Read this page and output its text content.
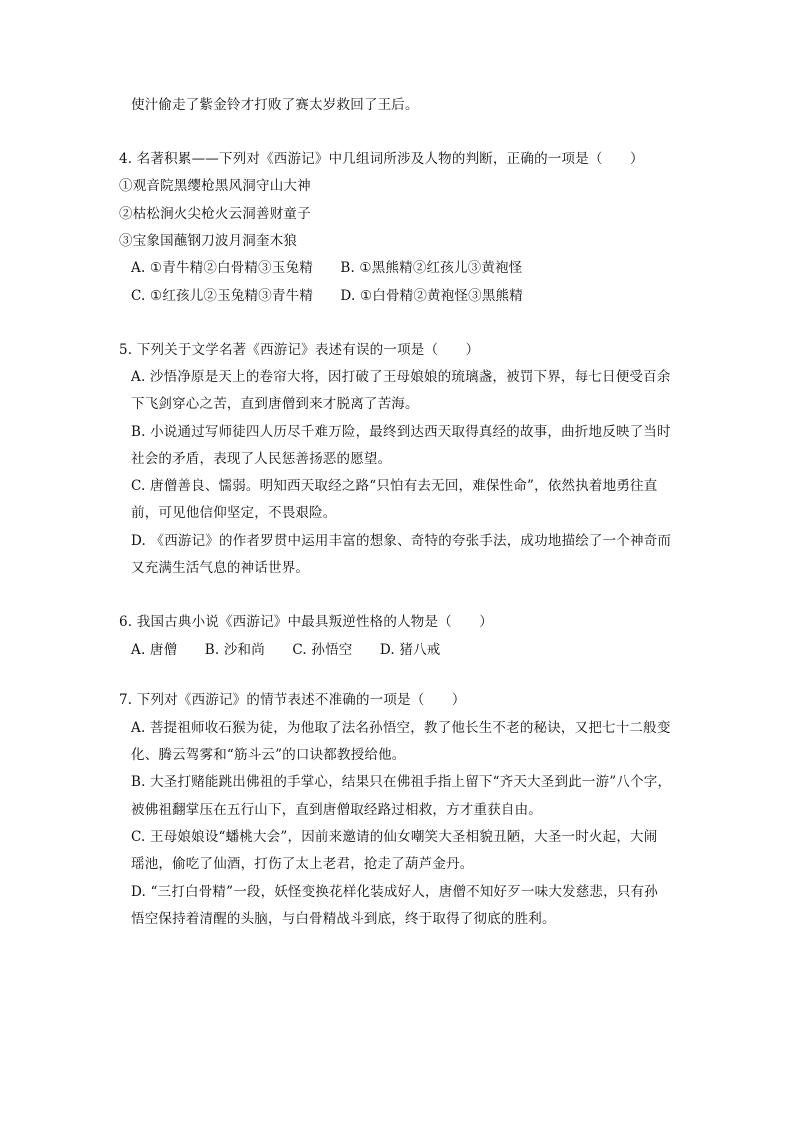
使汁偷走了紫金铃才打败了赛太岁救回了王后。
4. 名著积累——下列对《西游记》中几组词所涉及人物的判断，正确的一项是（　　）
①观音院黑缨枪黑风洞守山大神
②枯松涧火尖枪火云洞善财童子
③宝象国蘸钢刀波月洞奎木狼
A. ①青牛精②白骨精③玉兔精　　B. ①黑熊精②红孩儿③黄袍怪
C. ①红孩儿②玉兔精③青牛精　　D. ①白骨精②黄袍怪③黑熊精
5. 下列关于文学名著《西游记》表述有误的一项是（　　）
A. 沙悟净原是天上的卷帘大将，因打破了王母娘娘的琉璃盏，被罚下界，每七日便受百余
下飞剑穿心之苦，直到唐僧到来才脱离了苦海。
B. 小说通过写师徒四人历尽千难万险，最终到达西天取得真经的故事，曲折地反映了当时
社会的矛盾，表现了人民惩善扬恶的愿望。
C. 唐僧善良、懦弱。明知西天取经之路“只怕有去无回，难保性命”，依然执着地勇往直
前，可见他信仰坚定，不畏艰险。
D. 《西游记》的作者罗贯中运用丰富的想象、奇特的夸张手法，成功地描绘了一个神奇而
又充满生活气息的神话世界。
6. 我国古典小说《西游记》中最具叛逆性格的人物是（　　）
A. 唐僧　　B. 沙和尚　　C. 孙悟空　　D. 猪八戒
7. 下列对《西游记》的情节表述不准确的一项是（　　）
A. 菩提祖师收石猴为徒，为他取了法名孙悟空，教了他长生不老的秘诀，又把七十二般变
化、腾云驾雾和“筋斗云”的口诀都教授给他。
B. 大圣打赌能跳出佛祖的手掌心，结果只在佛祖手指上留下“齐天大圣到此一游”八个字，
被佛祖翻掌压在五行山下，直到唐僧取经路过相救，方才重获自由。
C. 王母娘娘设“蟠桃大会”，因前来邀请的仙女嘲笑大圣相貌丑陋，大圣一时火起，大闹
瑶池，偷吃了仙酒，打伤了太上老君，抢走了葫芦金丹。
D. “三打白骨精”一段，妖怪变换花样化装成好人，唐僧不知好歹一味大发慈悲，只有孙
悟空保持着清醒的头脑，与白骨精战斗到底，终于取得了彻底的胜利。
